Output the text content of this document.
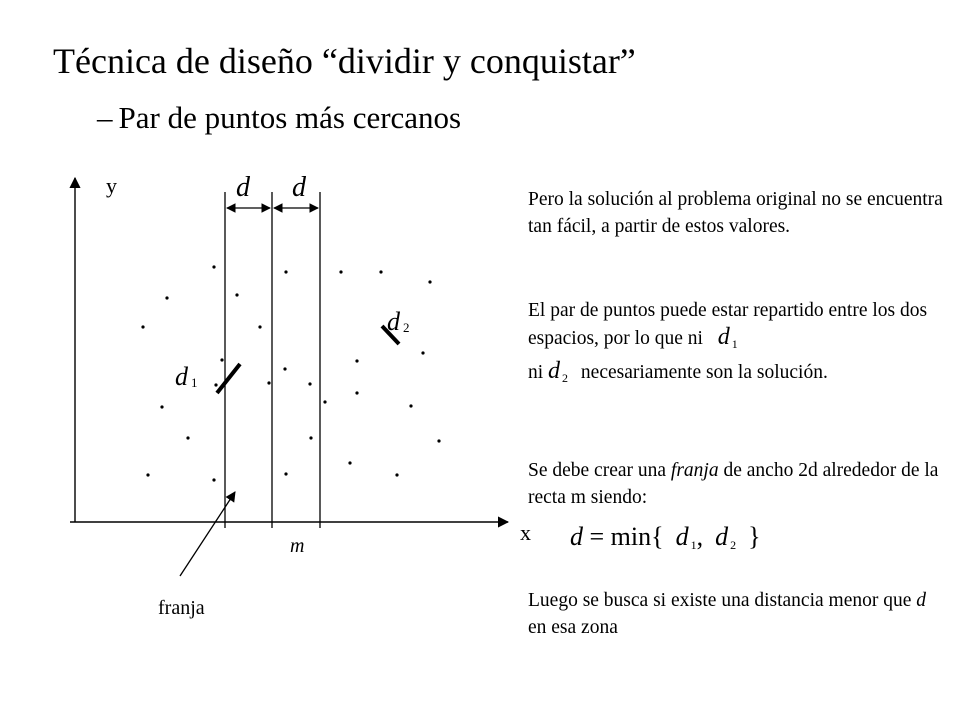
Técnica de diseño “dividir y conquistar”
– Par de puntos más cercanos
y
x
m
d d
d 1
d 2
franja
Pero la solución al problema original no se encuentra tan fácil, a partir de estos valores.
El par de puntos puede estar repartido entre los dos espacios, por lo que ni d $_1$
ni d $_2$ necesariamente son la solución.
Se debe crear una franja de ancho 2d alrededor de la recta m siendo:
d = min{ d $_1$, d $_2$ }
Luego se busca si existe una distancia menor que d en esa zona
